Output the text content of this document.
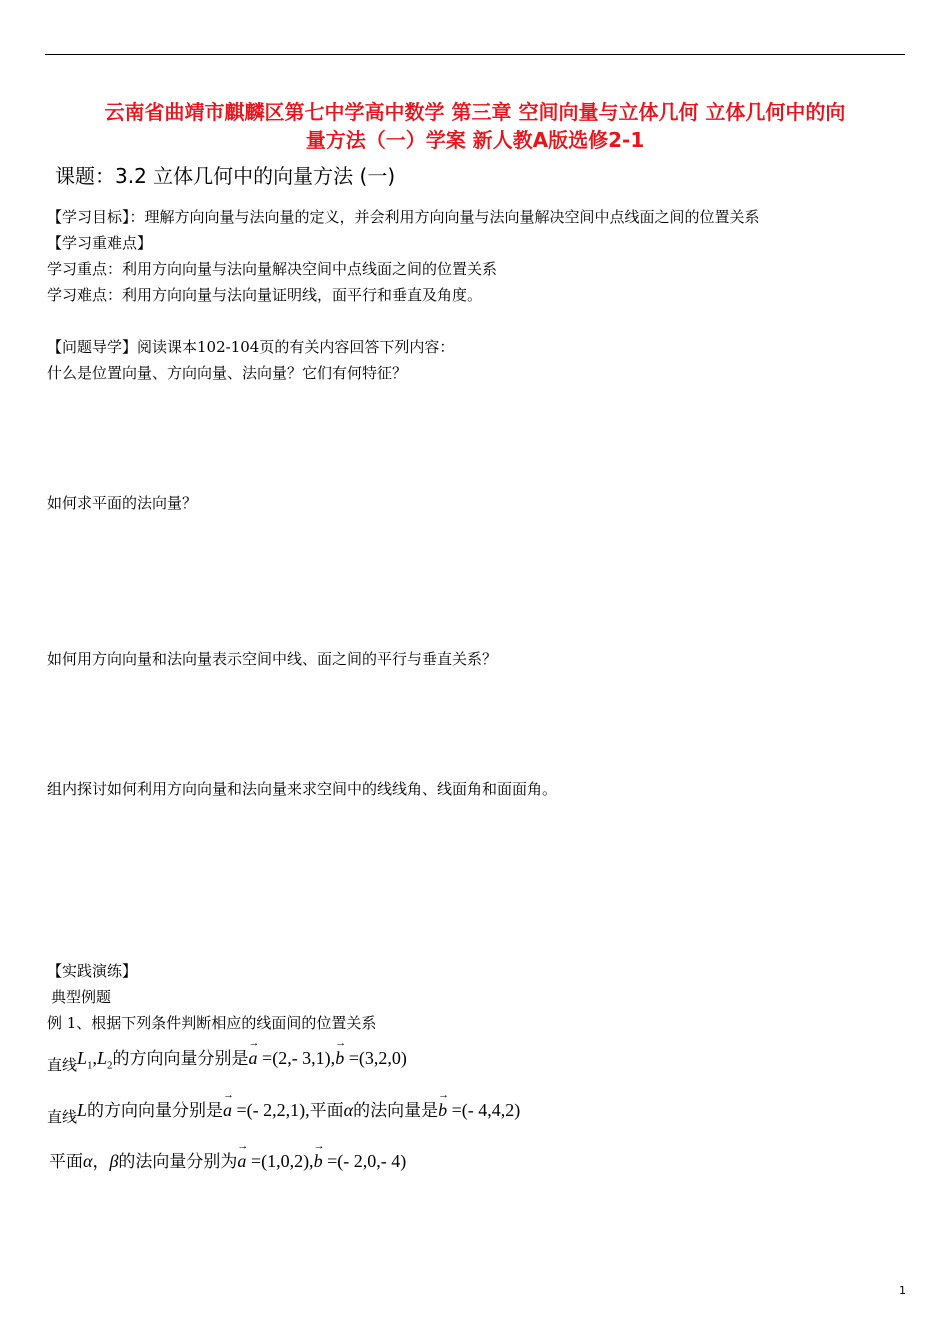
云南省曲靖市麒麟区第七中学高中数学 第三章 空间向量与立体几何 立体几何中的向
量方法（一）学案 新人教A版选修2-1
课题：3.2 立体几何中的向量方法 (一)
【学习目标】：理解方向向量与法向量的定义，并会利用方向向量与法向量解决空间中点线面之间的位置关系
【学习重难点】
学习重点：利用方向向量与法向量解决空间中点线面之间的位置关系
学习难点：利用方向向量与法向量证明线，面平行和垂直及角度。
【问题导学】阅读课本102-104页的有关内容回答下列内容：
什么是位置向量、方向向量、法向量？它们有何特征？
如何求平面的法向量？
如何用方向向量和法向量表示空间中线、面之间的平行与垂直关系？
组内探讨如何利用方向向量和法向量来求空间中的线线角、线面角和面面角。
【实践演练】
典型例题
例 1、根据下列条件判断相应的线面间的位置关系
直线$L_1,L_2$的方向向量分别是→ a =(2,- 3,1),→ b =(3,2,0)
直线L的方向向量分别是→ a =(- 2,2,1),平面α的法向量是→ b =(- 4,4,2)
平面α，β的法向量分别为→ a =(1,0,2),→ b =(- 2,0,- 4)
1
